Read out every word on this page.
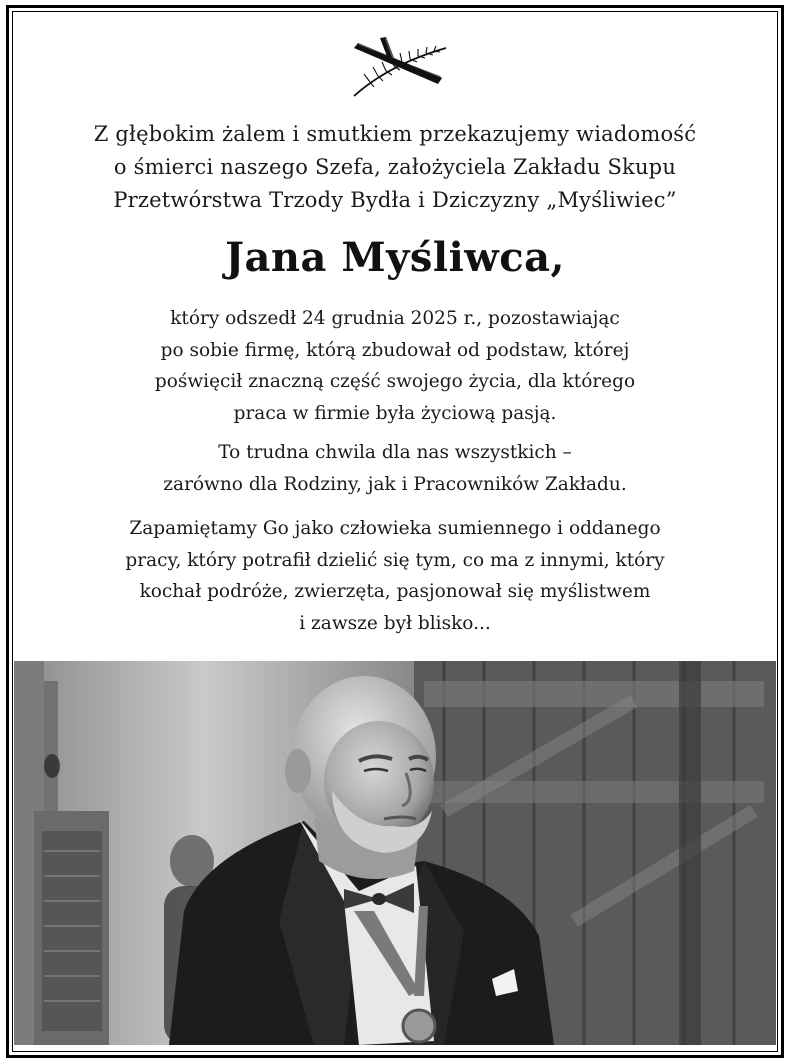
Z głębokim żalem i smutkiem przekazujemy wiadomość
o śmierci naszego Szefa, założyciela Zakładu Skupu
Przetwórstwa Trzody Bydła i Dziczyzny „Myśliwiec”
Jana Myśliwca,
który odszedł 24 grudnia 2025 r., pozostawiając
po sobie firmę, którą zbudował od podstaw, której
poświęcił znaczną część swojego życia, dla którego
praca w firmie była życiową pasją.
To trudna chwila dla nas wszystkich –
zarówno dla Rodziny, jak i Pracowników Zakładu.
Zapamiętamy Go jako człowieka sumiennego i oddanego
pracy, który potrafił dzielić się tym, co ma z innymi, który
kochał podróże, zwierzęta, pasjonował się myślistwem
i zawsze był blisko...
